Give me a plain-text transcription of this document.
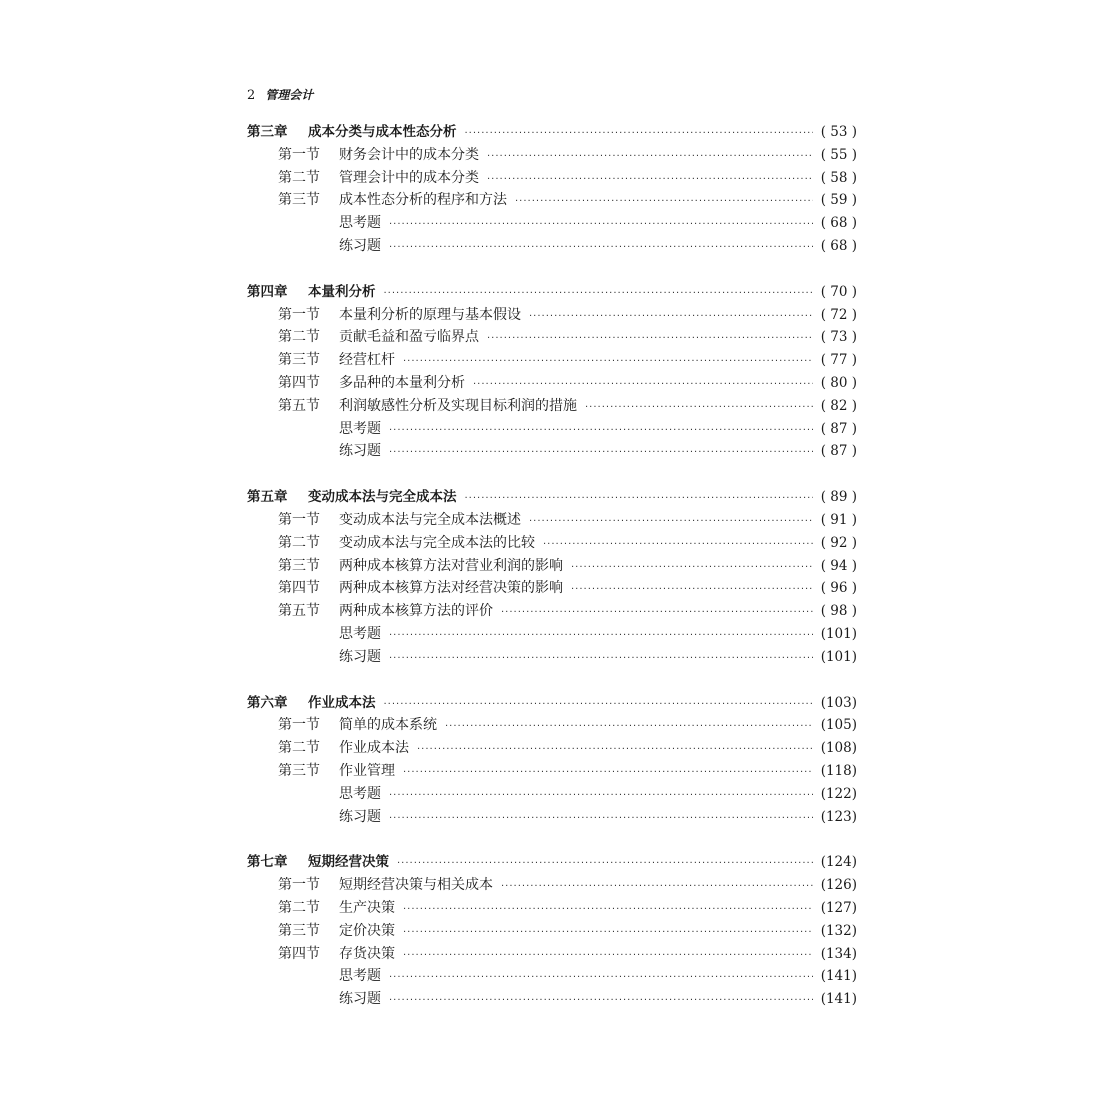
2 管理会计
第三章	成本分类与成本性态分析 ·····	( 53 )
第一节	财务会计中的成本分类 ·····	( 55 )
第二节	管理会计中的成本分类 ·····	( 58 )
第三节	成本性态分析的程序和方法 ·····	( 59 )
思考题 ·····	( 68 )
练习题 ·····	( 68 )
第四章	本量利分析 ·····	( 70 )
第一节	本量利分析的原理与基本假设 ·····	( 72 )
第二节	贡献毛益和盈亏临界点 ·····	( 73 )
第三节	经营杠杆 ·····	( 77 )
第四节	多品种的本量利分析 ·····	( 80 )
第五节	利润敏感性分析及实现目标利润的措施 ·····	( 82 )
思考题 ·····	( 87 )
练习题 ·····	( 87 )
第五章	变动成本法与完全成本法 ·····	( 89 )
第一节	变动成本法与完全成本法概述 ·····	( 91 )
第二节	变动成本法与完全成本法的比较 ·····	( 92 )
第三节	两种成本核算方法对营业利润的影响 ·····	( 94 )
第四节	两种成本核算方法对经营决策的影响 ·····	( 96 )
第五节	两种成本核算方法的评价 ·····	( 98 )
思考题 ·····	(101)
练习题 ·····	(101)
第六章	作业成本法 ·····	(103)
第一节	简单的成本系统 ·····	(105)
第二节	作业成本法 ·····	(108)
第三节	作业管理 ·····	(118)
思考题 ·····	(122)
练习题 ·····	(123)
第七章	短期经营决策 ·····	(124)
第一节	短期经营决策与相关成本 ·····	(126)
第二节	生产决策 ·····	(127)
第三节	定价决策 ·····	(132)
第四节	存货决策 ·····	(134)
思考题 ·····	(141)
练习题 ·····	(141)
